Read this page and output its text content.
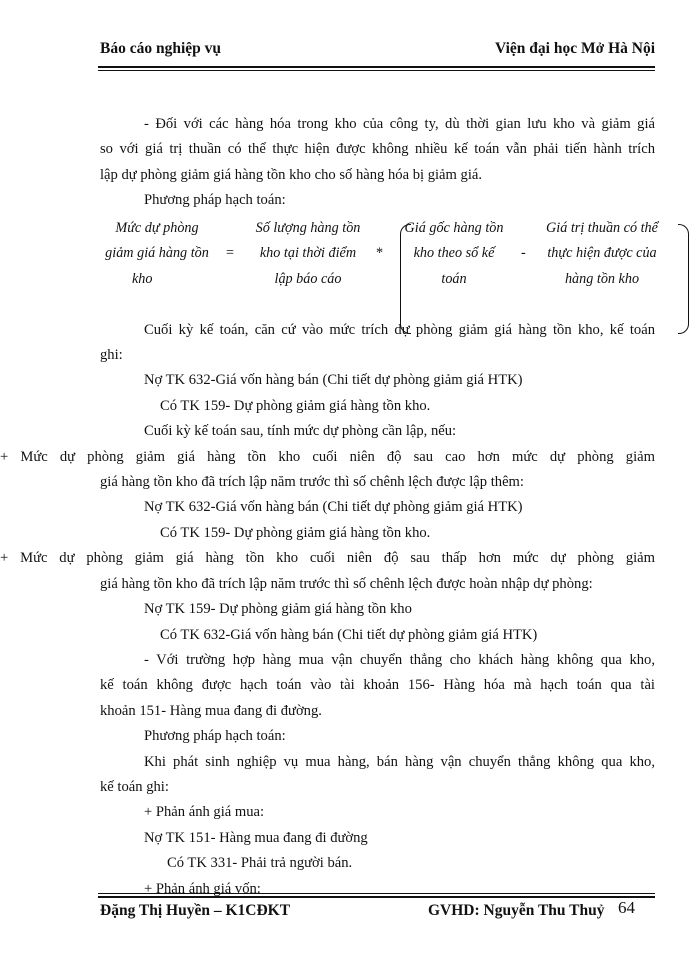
Báo cáo nghiệp vụ	Viện đại học Mở Hà Nội
- Đối với các hàng hóa trong kho của công ty, dù thời gian lưu kho và giảm giá
so với giá trị thuần có thể thực hiện được không nhiều kế toán vẫn phải tiến hành trích
lập dự phòng giảm giá hàng tồn kho cho số hàng hóa bị giảm giá.
Phương pháp hạch toán:
Mức dự phòng
giảm giá hàng tồn
kho
=
Số lượng hàng tồn
kho tại thời điểm
lập báo cáo
*
Giá gốc hàng tồn
kho theo sổ kế
toán
-
Giá trị thuần có thể
thực hiện được của
hàng tồn kho
Cuối kỳ kế toán, căn cứ vào mức trích dự phòng giảm giá hàng tồn kho, kế toán
ghi:
Nợ TK 632-Giá vốn hàng bán (Chi tiết dự phòng giảm giá HTK)
Có TK 159- Dự phòng giảm giá hàng tồn kho.
Cuối kỳ kế toán sau, tính mức dự phòng cần lập, nếu:
+ Mức dự phòng giảm giá hàng tồn kho cuối niên độ sau cao hơn mức dự phòng giảm
giá hàng tồn kho đã trích lập năm trước thì số chênh lệch được lập thêm:
Nợ TK 632-Giá vốn hàng bán (Chi tiết dự phòng giảm giá HTK)
Có TK 159- Dự phòng giảm giá hàng tồn kho.
+ Mức dự phòng giảm giá hàng tồn kho cuối niên độ sau thấp hơn mức dự phòng giảm
giá hàng tồn kho đã trích lập năm trước thì số chênh lệch được hoàn nhập dự phòng:
Nợ TK 159- Dự phòng giảm giá hàng tồn kho
Có TK 632-Giá vốn hàng bán (Chi tiết dự phòng giảm giá HTK)
- Với trường hợp hàng mua vận chuyển thẳng cho khách hàng không qua kho,
kế toán không được hạch toán vào tài khoản 156- Hàng hóa mà hạch toán qua tài
khoản 151- Hàng mua đang đi đường.
Phương pháp hạch toán:
Khi phát sinh nghiệp vụ mua hàng, bán hàng vận chuyển thẳng không qua kho,
kế toán ghi:
+ Phản ánh giá mua:
Nợ TK 151- Hàng mua đang đi đường
Có TK 331- Phải trả người bán.
+ Phản ánh giá vốn:
Đặng Thị Huyền – K1CĐKT	GVHD: Nguyễn Thu Thuỷ 64
